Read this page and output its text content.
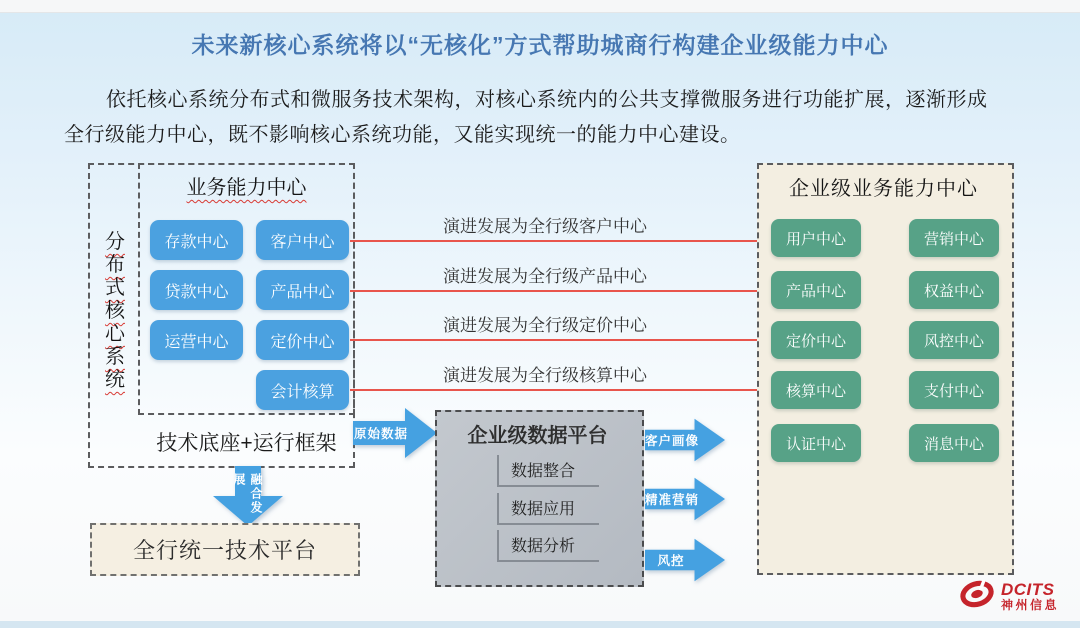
未来新核心系统将以“无核化”方式帮助城商行构建企业级能力中心
依托核心系统分布式和微服务技术架构，对核心系统内的公共支撑微服务进行功能扩展，逐渐形成
全行级能力中心，既不影响核心系统功能，又能实现统一的能力中心建设。
分
布
式
核
心
系
统
业务能力中心
存款中心	客户中心
贷款中心	产品中心
运营中心	定价中心
会计核算
技术底座+运行框架
演进发展为全行级客户中心
演进发展为全行级产品中心
演进发展为全行级定价中心
演进发展为全行级核算中心
融合发展
全行统一技术平台
原始数据	企业级数据平台
数据整合
数据应用
数据分析
客户画像
精准营销
风控
企业级业务能力中心
用户中心	营销中心
产品中心	权益中心
定价中心	风控中心
核算中心	支付中心
认证中心	消息中心
DCITS
神州信息
